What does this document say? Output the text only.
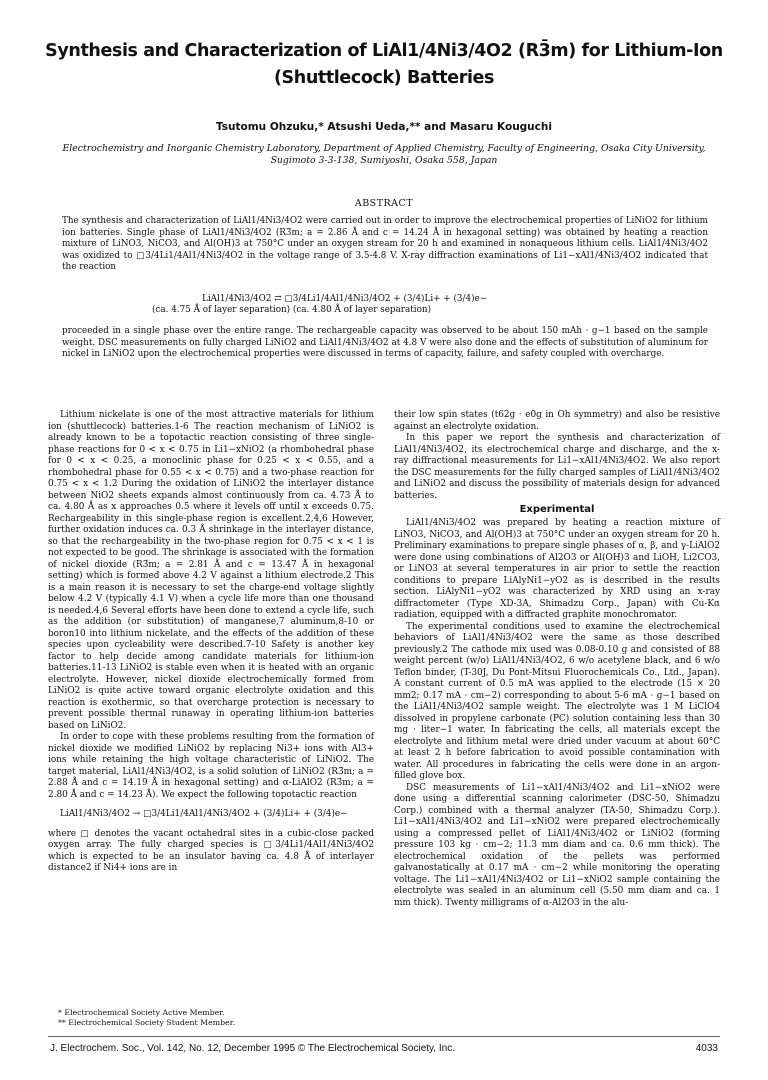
Synthesis and Characterization of LiAl1/4Ni3/4O2 (R3̄m) for Lithium-Ion (Shuttlecock) Batteries

Tsutomu Ohzuku,* Atsushi Ueda,** and Masaru Kouguchi

Electrochemistry and Inorganic Chemistry Laboratory, Department of Applied Chemistry, Faculty of Engineering, Osaka City University, Sugimoto 3-3-138, Sumiyoshi, Osaka 558, Japan

ABSTRACT

The synthesis and characterization of LiAl1/4Ni3/4O2 were carried out in order to improve the electrochemical properties of LiNiO2 for lithium ion batteries. Single phase of LiAl1/4Ni3/4O2 (R3̄m; a = 2.86 Å and c = 14.24 Å in hexagonal setting) was obtained by heating a reaction mixture of LiNO3, NiCO3, and Al(OH)3 at 750°C under an oxygen stream for 20 h and examined in nonaqueous lithium cells. LiAl1/4Ni3/4O2 was oxidized to □3/4Li1/4Al1/4Ni3/4O2 in the voltage range of 3.5-4.8 V. X-ray diffraction examinations of Li1−xAl1/4Ni3/4O2 indicated that the reaction

LiAl1/4Ni3/4O2 ⇄ □3/4Li1/4Al1/4Ni3/4O2 + (3/4)Li+ + (3/4)e−

(ca. 4.75 Å of layer separation) (ca. 4.80 Å of layer separation)

proceeded in a single phase over the entire range. The rechargeable capacity was observed to be about 150 mAh · g−1 based on the sample weight. DSC measurements on fully charged LiNiO2 and LiAl1/4Ni3/4O2 at 4.8 V were also done and the effects of substitution of aluminum for nickel in LiNiO2 upon the electrochemical properties were discussed in terms of capacity, failure, and safety coupled with overcharge.

Lithium nickelate is one of the most attractive materials for lithium ion (shuttlecock) batteries.1-6 The reaction mechanism of LiNiO2 is already known to be a topotactic reaction consisting of three single-phase reactions for 0 < x < 0.75 in Li1−xNiO2 (a rhombohedral phase for 0 < x < 0.25, a monoclinic phase for 0.25 < x < 0.55, and a rhombohedral phase for 0.55 < x < 0.75) and a two-phase reaction for 0.75 < x < 1.2 During the oxidation of LiNiO2 the interlayer distance between NiO2 sheets expands almost continuously from ca. 4.73 Å to ca. 4.80 Å as x approaches 0.5 where it levels off until x exceeds 0.75. Rechargeability in this single-phase region is excellent.2,4,6 However, further oxidation induces ca. 0.3 Å shrinkage in the interlayer distance, so that the rechargeability in the two-phase region for 0.75 < x < 1 is not expected to be good. The shrinkage is associated with the formation of nickel dioxide (R3̄m; a = 2.81 Å and c = 13.47 Å in hexagonal setting) which is formed above 4.2 V against a lithium electrode.2 This is a main reason it is necessary to set the charge-end voltage slightly below 4.2 V (typically 4.1 V) when a cycle life more than one thousand is needed.4,6 Several efforts have been done to extend a cycle life, such as the addition (or substitution) of manganese,7 aluminum,8-10 or boron10 into lithium nickelate, and the effects of the addition of these species upon cycleability were described.7-10 Safety is another key factor to help decide among candidate materials for lithium-ion batteries.11-13 LiNiO2 is stable even when it is heated with an organic electrolyte. However, nickel dioxide electrochemically formed from LiNiO2 is quite active toward organic electrolyte oxidation and this reaction is exothermic, so that overcharge protection is necessary to prevent possible thermal runaway in operating lithium-ion batteries based on LiNiO2.

In order to cope with these problems resulting from the formation of nickel dioxide we modified LiNiO2 by replacing Ni3+ ions with Al3+ ions while retaining the high voltage characteristic of LiNiO2. The target material, LiAl1/4Ni3/4O2, is a solid solution of LiNiO2 (R3̄m; a = 2.88 Å and c = 14.19 Å in hexagonal setting) and α-LiAlO2 (R3̄m; a = 2.80 Å and c = 14.23 Å). We expect the following topotactic reaction

LiAl1/4Ni3/4O2 → □3/4Li1/4Al1/4Ni3/4O2 + (3/4)Li+ + (3/4)e−

where □ denotes the vacant octahedral sites in a cubic-close packed oxygen array. The fully charged species is □3/4Li1/4Al1/4Ni3/4O2 which is expected to be an insulator having ca. 4.8 Å of interlayer distance2 if Ni4+ ions are in

* Electrochemical Society Active Member.
** Electrochemical Society Student Member.

their low spin states (t62g · e0g in Oh symmetry) and also be resistive against an electrolyte oxidation.

In this paper we report the synthesis and characterization of LiAl1/4Ni3/4O2, its electrochemical charge and discharge, and the x-ray diffractional measurements for Li1−xAl1/4Ni3/4O2. We also report the DSC measurements for the fully charged samples of LiAl1/4Ni3/4O2 and LiNiO2 and discuss the possibility of materials design for advanced batteries.

Experimental

LiAl1/4Ni3/4O2 was prepared by heating a reaction mixture of LiNO3, NiCO3, and Al(OH)3 at 750°C under an oxygen stream for 20 h. Preliminary examinations to prepare single phases of α, β, and γ-LiAlO2 were done using combinations of Al2O3 or Al(OH)3 and LiOH, Li2CO3, or LiNO3 at several temperatures in air prior to settle the reaction conditions to prepare LiAlyNi1−yO2 as is described in the results section. LiAlyNi1−yO2 was characterized by XRD using an x-ray diffractometer (Type XD-3A, Shimadzu Corp., Japan) with Cu-Kα radiation, equipped with a diffracted graphite monochromator.

The experimental conditions used to examine the electrochemical behaviors of LiAl1/4Ni3/4O2 were the same as those described previously.2 The cathode mix used was 0.08-0.10 g and consisted of 88 weight percent (w/o) LiAl1/4Ni3/4O2, 6 w/o acetylene black, and 6 w/o Teflon binder, (T-30J, Du Pont-Mitsui Fluorochemicals Co., Ltd., Japan). A constant current of 0.5 mA was applied to the electrode (15 × 20 mm2; 0.17 mA · cm−2) corresponding to about 5-6 mA · g−1 based on the LiAl1/4Ni3/4O2 sample weight. The electrolyte was 1 M LiClO4 dissolved in propylene carbonate (PC) solution containing less than 30 mg · liter−1 water. In fabricating the cells, all materials except the electrolyte and lithium metal were dried under vacuum at about 60°C at least 2 h before fabrication to avoid possible contamination with water. All procedures in fabricating the cells were done in an argon-filled glove box.

DSC measurements of Li1−xAl1/4Ni3/4O2 and Li1−xNiO2 were done using a differential scanning calorimeter (DSC-50, Shimadzu Corp.) combined with a thermal analyzer (TA-50, Shimadzu Corp.). Li1−xAl1/4Ni3/4O2 and Li1−xNiO2 were prepared electrochemically using a compressed pellet of LiAl1/4Ni3/4O2 or LiNiO2 (forming pressure 103 kg · cm−2; 11.3 mm diam and ca. 0.6 mm thick). The electrochemical oxidation of the pellets was performed galvanostatically at 0.17 mA · cm−2 while monitoring the operating voltage. The Li1−xAl1/4Ni3/4O2 or Li1−xNiO2 sample containing the electrolyte was sealed in an aluminum cell (5.50 mm diam and ca. 1 mm thick). Twenty milligrams of α-Al2O3 in the alu-

J. Electrochem. Soc., Vol. 142, No. 12, December 1995 © The Electrochemical Society, Inc.	4033
